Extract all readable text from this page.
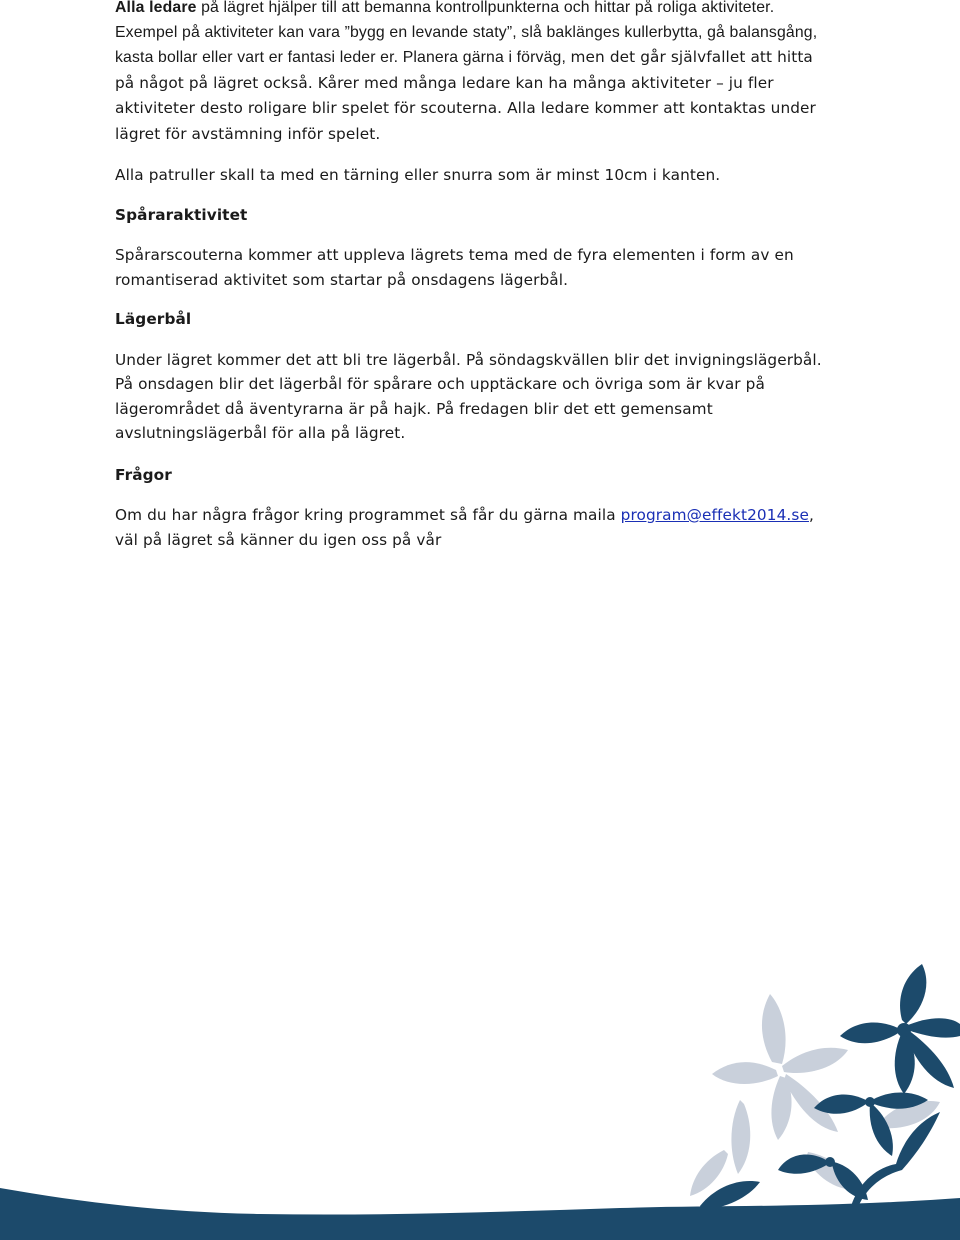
Alla ledare på lägret hjälper till att bemanna kontrollpunkterna och hittar på roliga aktiviteter. Exempel på aktiviteter kan vara ”bygg en levande staty”, slå baklänges kullerbytta, gå balansgång, kasta bollar eller vart er fantasi leder er. Planera gärna i förväg, men det går självfallet att hitta på något på lägret också. Kårer med många ledare kan ha många aktiviteter – ju fler aktiviteter desto roligare blir spelet för scouterna. Alla ledare kommer att kontaktas under lägret för avstämning inför spelet.

Alla patruller skall ta med en tärning eller snurra som är minst 10cm i kanten.

Spåraraktivitet

Spårarscouterna kommer att uppleva lägrets tema med de fyra elementen i form av en romantiserad aktivitet som startar på onsdagens lägerbål.

Lägerbål

Under lägret kommer det att bli tre lägerbål. På söndagskvällen blir det invigningslägerbål. På onsdagen blir det lägerbål för spårare och upptäckare och övriga som är kvar på lägerområdet då äventyrarna är på hajk. På fredagen blir det ett gemensamt avslutningslägerbål för alla på lägret.

Frågor

Om du har några frågor kring programmet så får du gärna maila program@effekt2014.se, väl på lägret så känner du igen oss på vår
